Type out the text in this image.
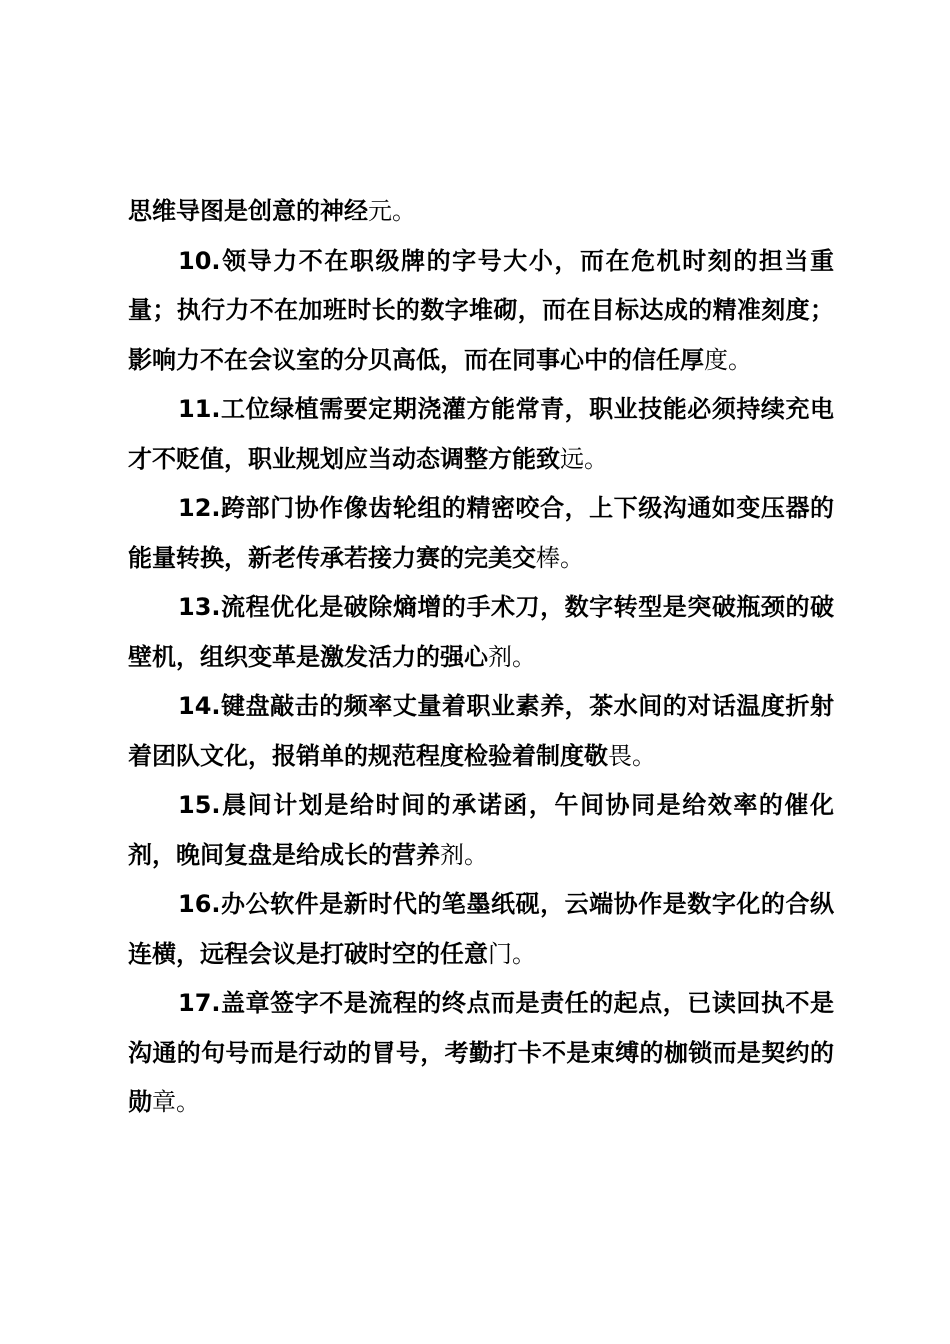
思维导图是创意的神经元。

10.领导力不在职级牌的字号大小，而在危机时刻的担当重量；执行力不在加班时长的数字堆砌，而在目标达成的精准刻度；影响力不在会议室的分贝高低，而在同事心中的信任厚度。

11.工位绿植需要定期浇灌方能常青，职业技能必须持续充电才不贬值，职业规划应当动态调整方能致远。

12.跨部门协作像齿轮组的精密咬合，上下级沟通如变压器的能量转换，新老传承若接力赛的完美交棒。

13.流程优化是破除熵增的手术刀，数字转型是突破瓶颈的破壁机，组织变革是激发活力的强心剂。

14.键盘敲击的频率丈量着职业素养，茶水间的对话温度折射着团队文化，报销单的规范程度检验着制度敬畏。

15.晨间计划是给时间的承诺函，午间协同是给效率的催化剂，晚间复盘是给成长的营养剂。

16.办公软件是新时代的笔墨纸砚，云端协作是数字化的合纵连横，远程会议是打破时空的任意门。

17.盖章签字不是流程的终点而是责任的起点，已读回执不是沟通的句号而是行动的冒号，考勤打卡不是束缚的枷锁而是契约的勋章。
